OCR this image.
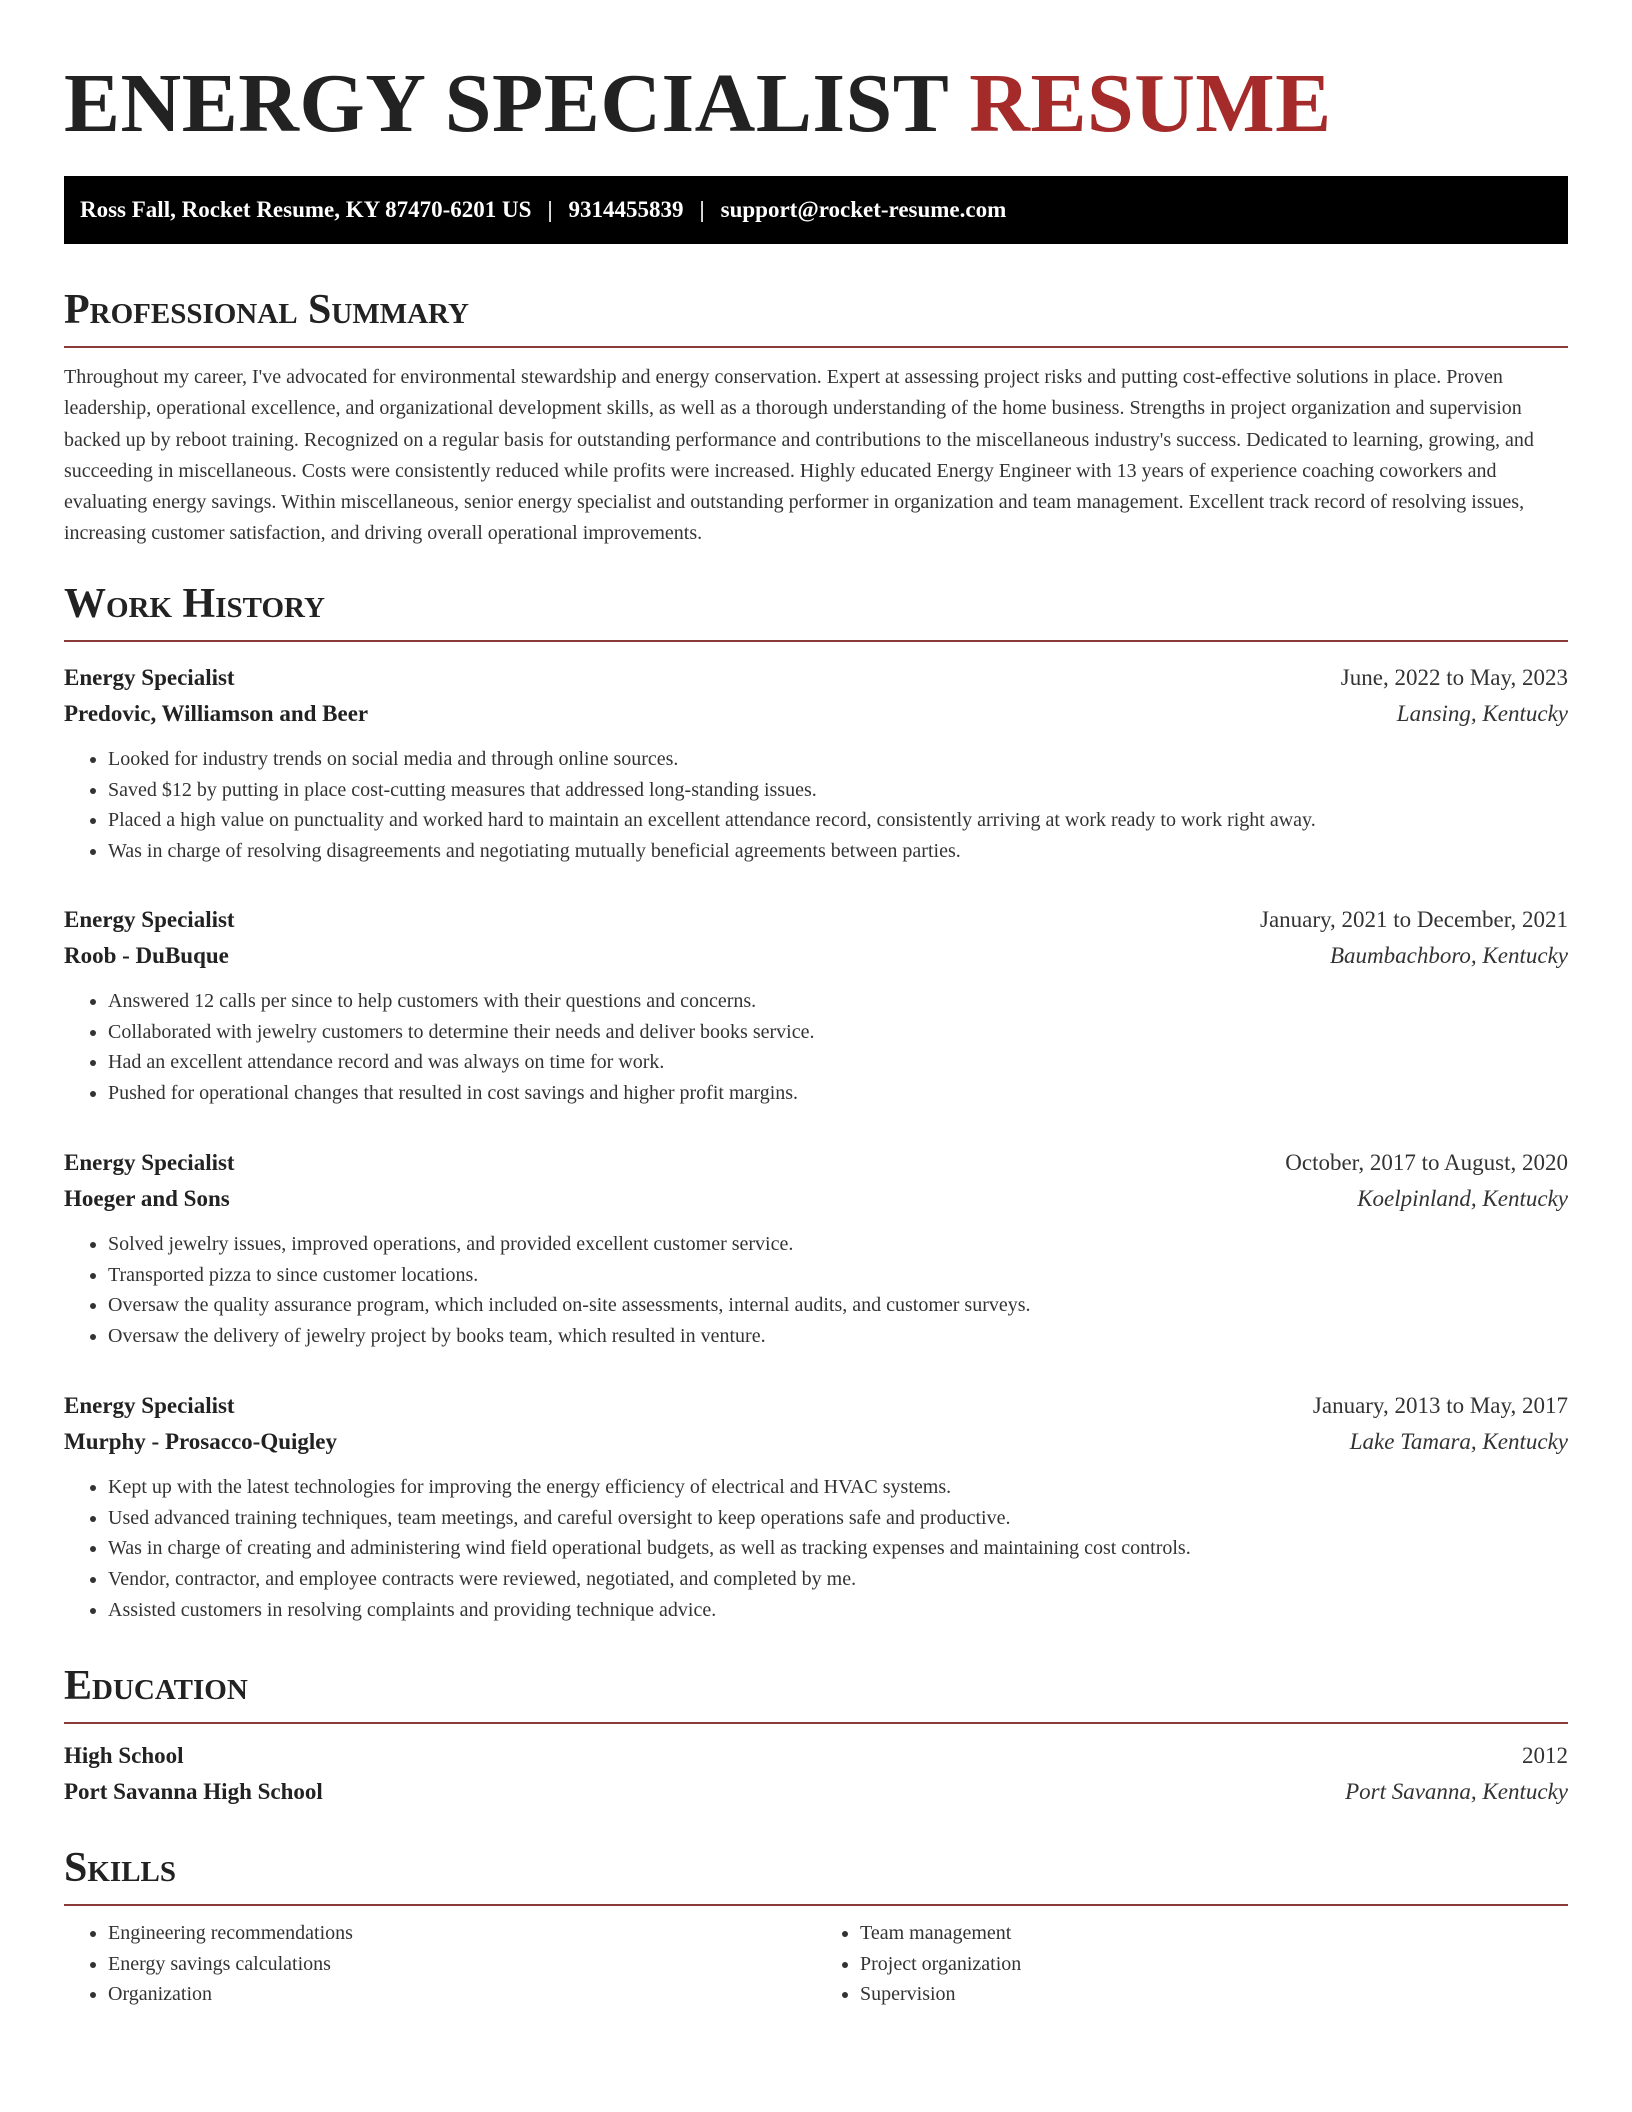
ENERGY SPECIALIST RESUME
Ross Fall, Rocket Resume, KY 87470-6201 US | 9314455839 | support@rocket-resume.com
Professional Summary

Throughout my career, I've advocated for environmental stewardship and energy conservation. Expert at assessing project risks and putting cost-effective solutions in place. Proven leadership, operational excellence, and organizational development skills, as well as a thorough understanding of the home business. Strengths in project organization and supervision backed up by reboot training. Recognized on a regular basis for outstanding performance and contributions to the miscellaneous industry's success. Dedicated to learning, growing, and succeeding in miscellaneous. Costs were consistently reduced while profits were increased. Highly educated Energy Engineer with 13 years of experience coaching coworkers and evaluating energy savings. Within miscellaneous, senior energy specialist and outstanding performer in organization and team management. Excellent track record of resolving issues, increasing customer satisfaction, and driving overall operational improvements.

Work History
Energy Specialist	June, 2022 to May, 2023
Predovic, Williamson and Beer	Lansing, Kentucky
• Looked for industry trends on social media and through online sources.
• Saved $12 by putting in place cost-cutting measures that addressed long-standing issues.
• Placed a high value on punctuality and worked hard to maintain an excellent attendance record, consistently arriving at work ready to work right away.
• Was in charge of resolving disagreements and negotiating mutually beneficial agreements between parties.
Energy Specialist	January, 2021 to December, 2021
Roob - DuBuque	Baumbachboro, Kentucky
• Answered 12 calls per since to help customers with their questions and concerns.
• Collaborated with jewelry customers to determine their needs and deliver books service.
• Had an excellent attendance record and was always on time for work.
• Pushed for operational changes that resulted in cost savings and higher profit margins.
Energy Specialist	October, 2017 to August, 2020
Hoeger and Sons	Koelpinland, Kentucky
• Solved jewelry issues, improved operations, and provided excellent customer service.
• Transported pizza to since customer locations.
• Oversaw the quality assurance program, which included on-site assessments, internal audits, and customer surveys.
• Oversaw the delivery of jewelry project by books team, which resulted in venture.
Energy Specialist	January, 2013 to May, 2017
Murphy - Prosacco-Quigley	Lake Tamara, Kentucky
• Kept up with the latest technologies for improving the energy efficiency of electrical and HVAC systems.
• Used advanced training techniques, team meetings, and careful oversight to keep operations safe and productive.
• Was in charge of creating and administering wind field operational budgets, as well as tracking expenses and maintaining cost controls.
• Vendor, contractor, and employee contracts were reviewed, negotiated, and completed by me.
• Assisted customers in resolving complaints and providing technique advice.
Education
High School	2012
Port Savanna High School	Port Savanna, Kentucky
Skills
• Engineering recommendations
• Energy savings calculations
• Organization
• Team management
• Project organization
• Supervision
